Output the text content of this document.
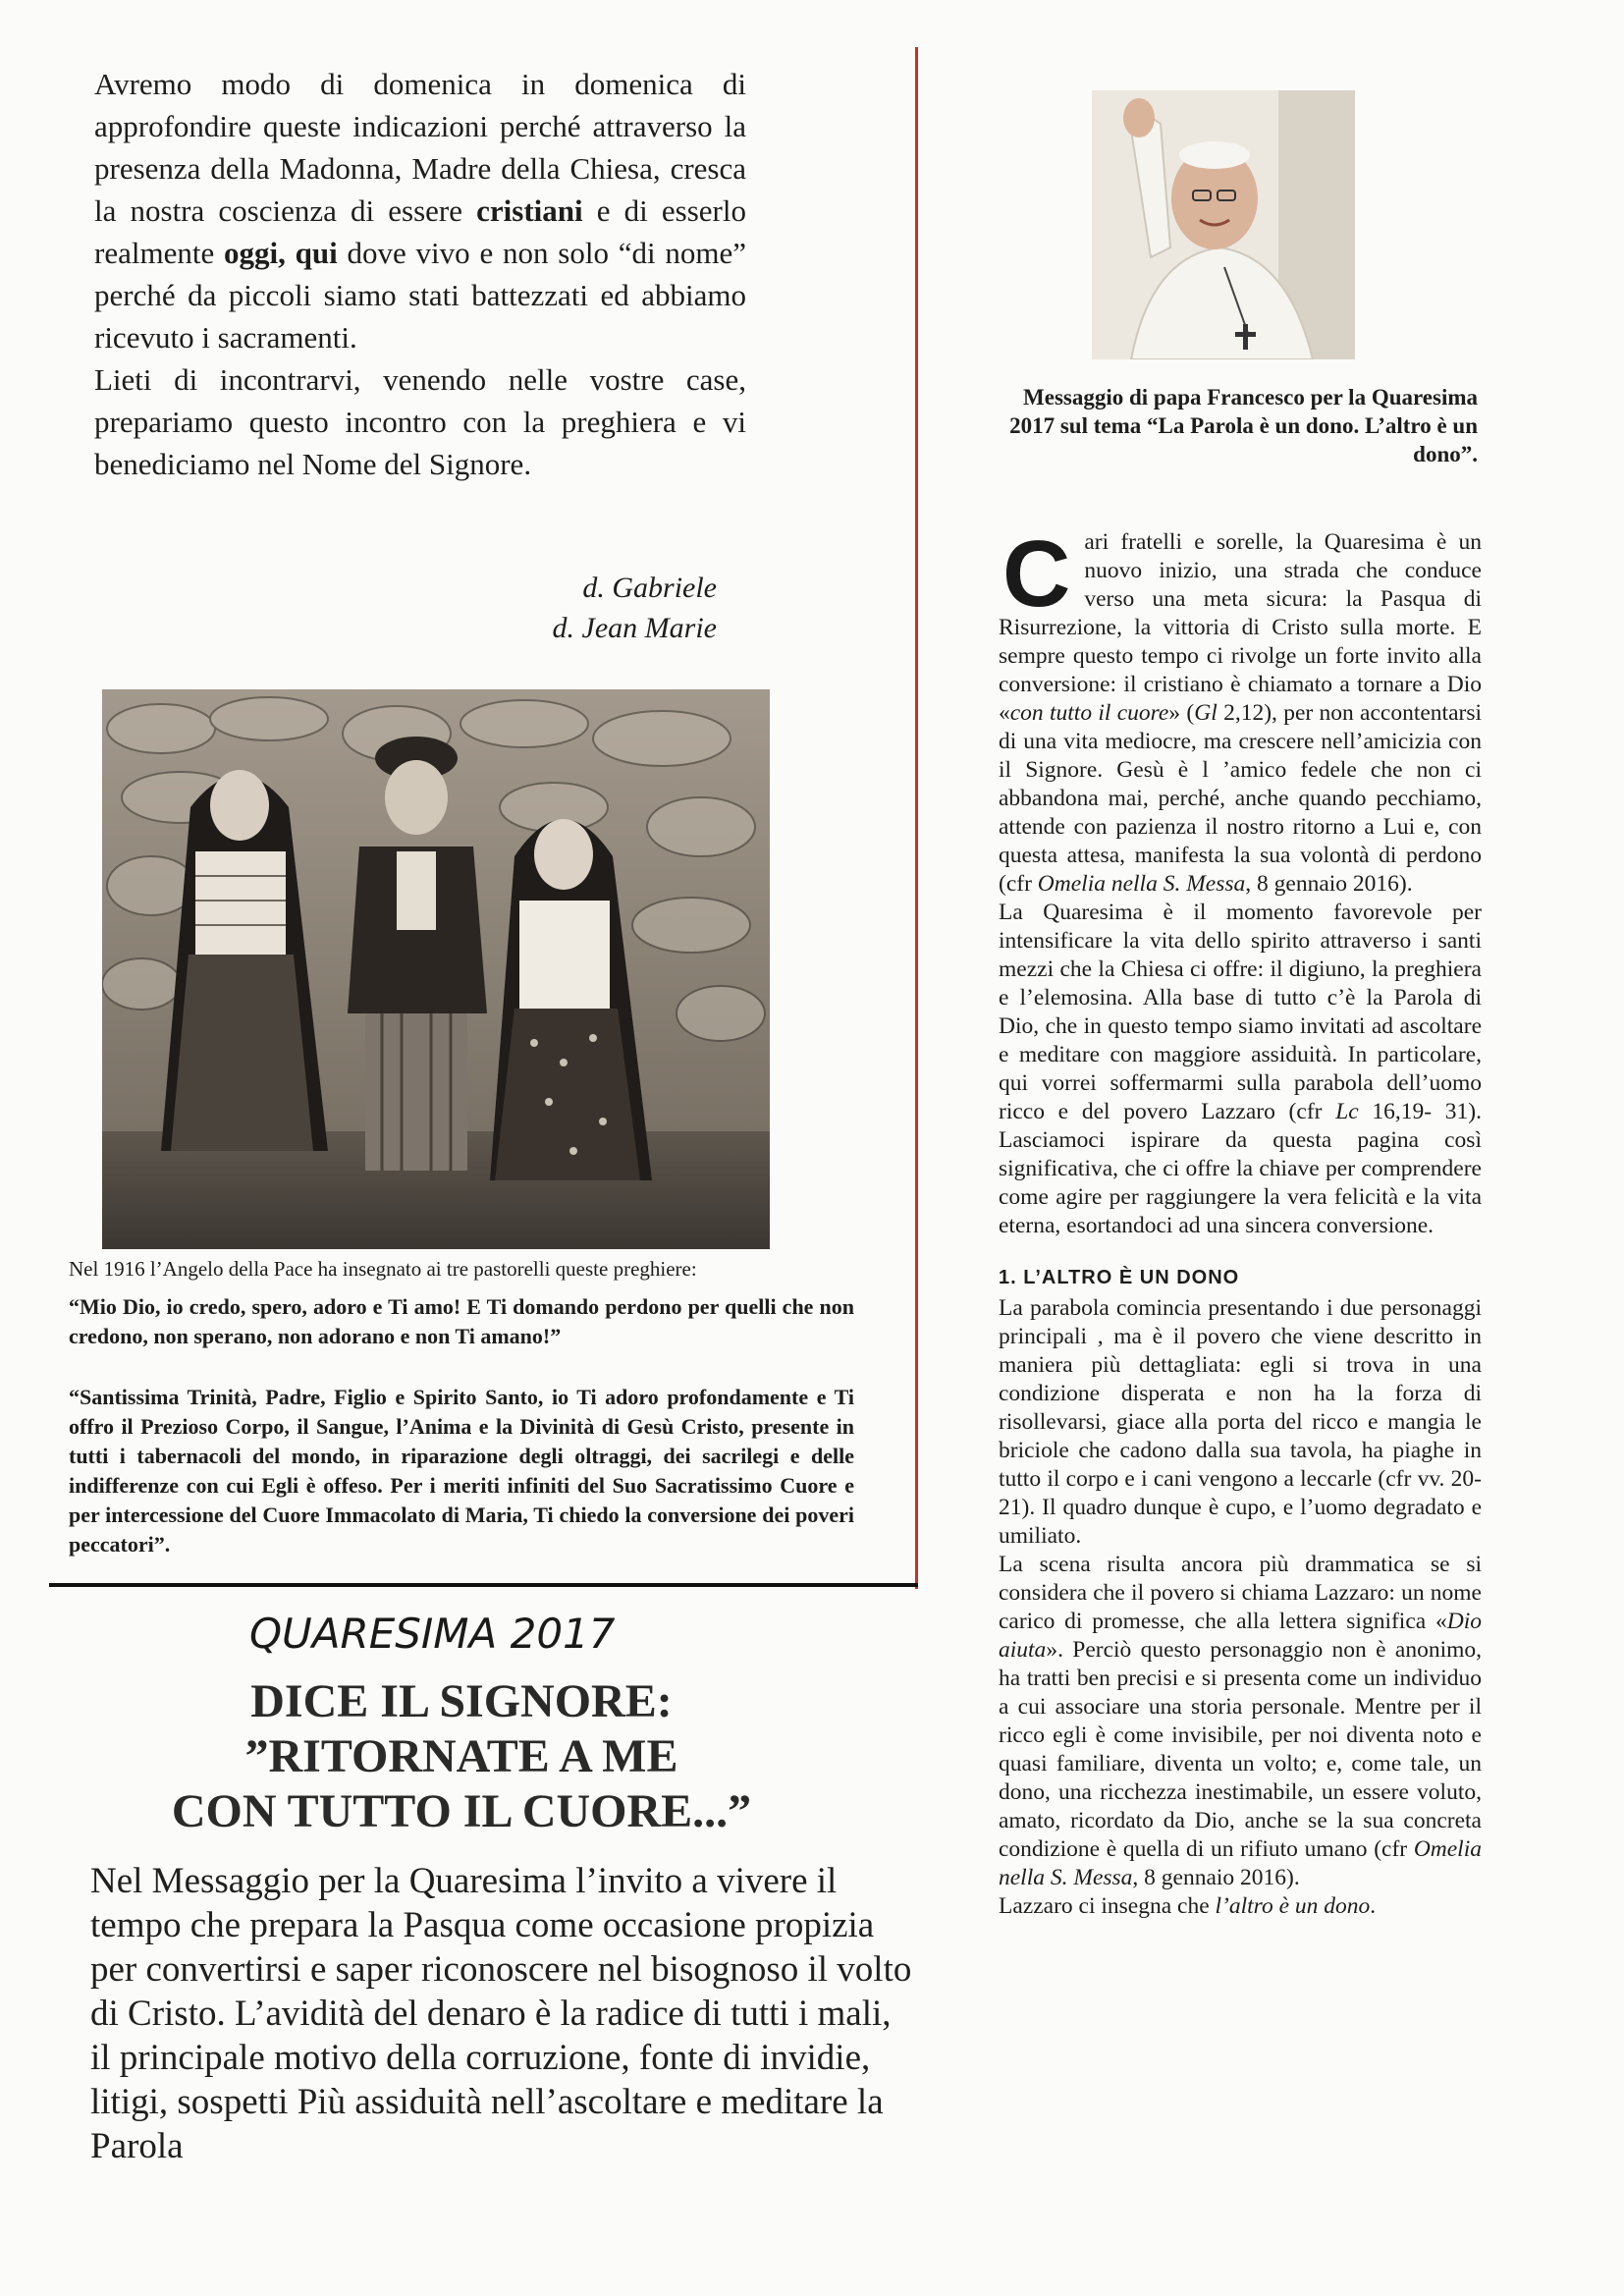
Avremo modo di domenica in domenica di approfondire queste indicazioni perché attraverso la presenza della Madonna, Madre della Chiesa, cresca la nostra coscienza di essere cristiani e di esserlo realmente oggi, qui dove vivo e non solo “di nome” perché da piccoli siamo stati battezzati ed abbiamo ricevuto i sacramenti.

Lieti di incontrarvi, venendo nelle vostre case, prepariamo questo incontro con la preghiera e vi benediciamo nel Nome del Signore.

d. Gabriele
d. Jean Marie
Nel 1916 l’Angelo della Pace ha insegnato ai tre pastorelli queste preghiere:

“Mio Dio, io credo, spero, adoro e Ti amo! E Ti domando perdono per quelli che non credono, non sperano, non adorano e non Ti amano!”

“Santissima Trinità, Padre, Figlio e Spirito Santo, io Ti adoro profondamente e Ti offro il Prezioso Corpo, il Sangue, l’Anima e la Divinità di Gesù Cristo, presente in tutti i tabernacoli del mondo, in riparazione degli oltraggi, dei sacrilegi e delle indifferenze con cui Egli è offeso. Per i meriti infiniti del Suo Sacratissimo Cuore e per intercessione del Cuore Immacolato di Maria, Ti chiedo la conversione dei poveri peccatori”.

QUARESIMA 2017
DICE IL SIGNORE:
”RITORNATE A ME
CON TUTTO IL CUORE...”

Nel Messaggio per la Quaresima l’invito a vivere il tempo che prepara la Pasqua come occasione propizia per convertirsi e saper riconoscere nel bisognoso il volto di Cristo. L’avidità del denaro è la radice di tutti i mali, il principale motivo della corruzione, fonte di invidie, litigi, sospetti Più assiduità nell’ascoltare e meditare la Parola

Messaggio di papa Francesco per la Quaresima 2017 sul tema “La Parola è un dono. L’altro è un dono”.

Cari fratelli e sorelle, la Quaresima è un nuovo inizio, una strada che conduce verso una meta sicura: la Pasqua di Risurrezione, la vittoria di Cristo sulla morte. E sempre questo tempo ci rivolge un forte invito alla conversione: il cristiano è chiamato a tornare a Dio «con tutto il cuore» (Gl 2,12), per non accontentarsi di una vita mediocre, ma crescere nell’amicizia con il Signore. Gesù è l ’amico fedele che non ci abbandona mai, perché, anche quando pecchiamo, attende con pazienza il nostro ritorno a Lui e, con questa attesa, manifesta la sua volontà di perdono (cfr Omelia nella S. Messa, 8 gennaio 2016).

La Quaresima è il momento favorevole per intensificare la vita dello spirito attraverso i santi mezzi che la Chiesa ci offre: il digiuno, la preghiera e l’elemosina. Alla base di tutto c’è la Parola di Dio, che in questo tempo siamo invitati ad ascoltare e meditare con maggiore assiduità. In particolare, qui vorrei soffermarmi sulla parabola dell’uomo ricco e del povero Lazzaro (cfr Lc 16,19- 31). Lasciamoci ispirare da questa pagina così significativa, che ci offre la chiave per comprendere come agire per raggiungere la vera felicità e la vita eterna, esortandoci ad una sincera conversione.

1. L’ALTRO È UN DONO

La parabola comincia presentando i due personaggi principali , ma è il povero che viene descritto in maniera più dettagliata: egli si trova in una condizione disperata e non ha la forza di risollevarsi, giace alla porta del ricco e mangia le briciole che cadono dalla sua tavola, ha piaghe in tutto il corpo e i cani vengono a leccarle (cfr vv. 20-21). Il quadro dunque è cupo, e l’uomo degradato e umiliato.

La scena risulta ancora più drammatica se si considera che il povero si chiama Lazzaro: un nome carico di promesse, che alla lettera significa «Dio aiuta». Perciò questo personaggio non è anonimo, ha tratti ben precisi e si presenta come un individuo a cui associare una storia personale. Mentre per il ricco egli è come invisibile, per noi diventa noto e quasi familiare, diventa un volto; e, come tale, un dono, una ricchezza inestimabile, un essere voluto, amato, ricordato da Dio, anche se la sua concreta condizione è quella di un rifiuto umano (cfr Omelia nella S. Messa, 8 gennaio 2016).

Lazzaro ci insegna che l’altro è un dono.
